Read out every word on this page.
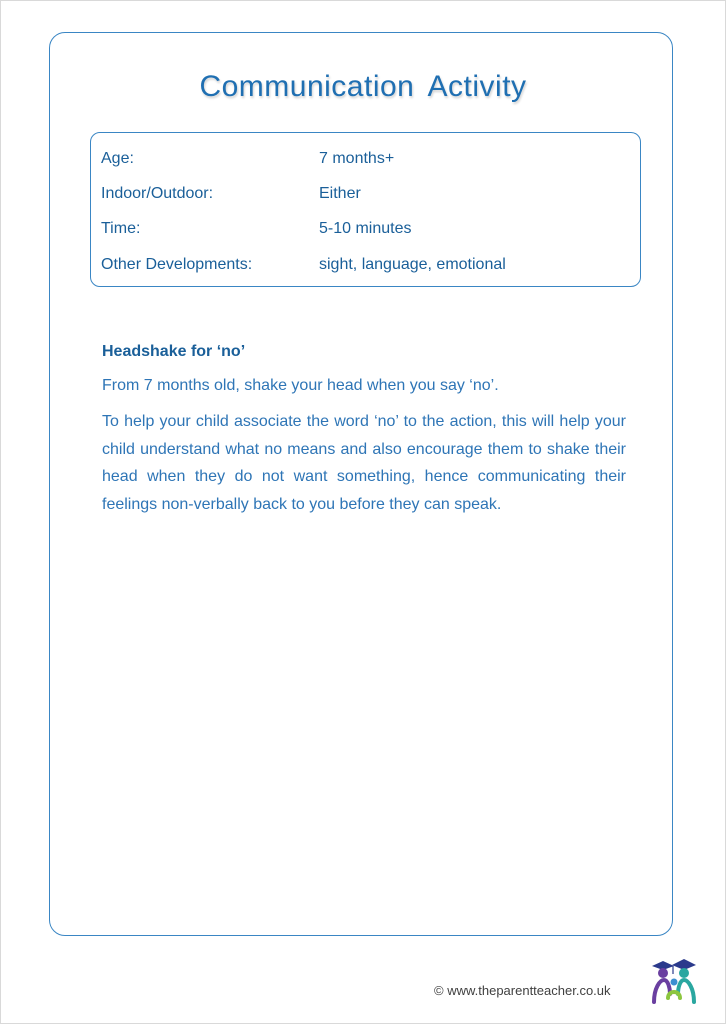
Communication Activity
Age:	7 months+
Indoor/Outdoor:	Either
Time:	5-10 minutes
Other Developments:	sight, language, emotional
Headshake for ‘no’
From 7 months old, shake your head when you say ‘no’.
To help your child associate the word ‘no’ to the action, this will help your child understand what no means and also encourage them to shake their head when they do not want something, hence communicating their feelings non-verbally back to you before they can speak.
© www.theparentteacher.co.uk
